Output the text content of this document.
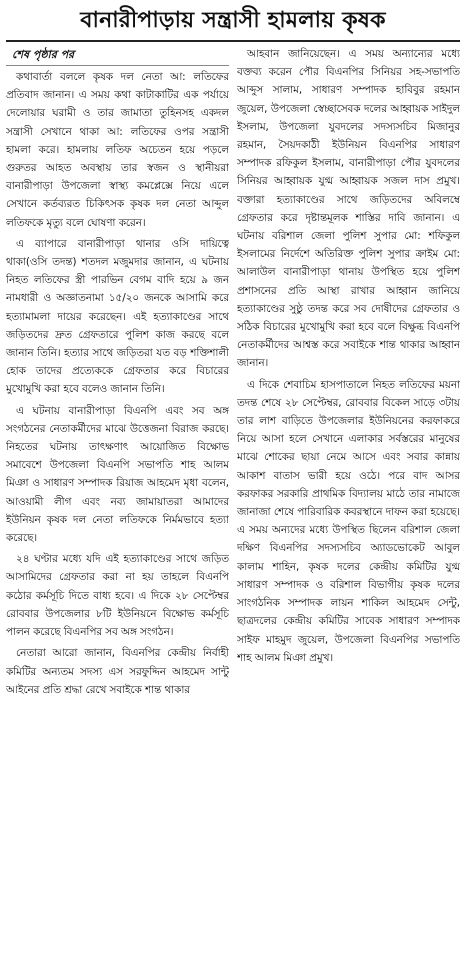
বানারীপাড়ায় সন্ত্রাসী হামলায় কৃষক
শেষ পৃষ্ঠার পর

কথাবার্তা বললে কৃষক দল নেতা আ: লতিফের প্রতিবাদ জানান। এ সময় কথা কাটাকাটির এক পর্যায়ে দেলোয়ার ঘরামী ও তার জামাতা তুহিনসহ একদল সন্ত্রাসী সেখানে থাকা আ: লতিফের ওপর সন্ত্রাসী হামলা করে। হামলায় লতিফ অচেতন হয়ে পড়লে গুরুতর আহত অবস্থায় তার স্বজন ও স্থানীয়রা বানারীপাড়া উপজেলা স্বাস্থ্য কমপ্লেক্সে নিয়ে এলে সেখানে কর্তব্যরত চিকিৎসক কৃষক দল নেতা আব্দুল লতিফকে মৃত্যু বলে ঘোষণা করেন।

এ ব্যাপারে বানারীপাড়া থানার ওসি দায়িত্বে থাকা(ওসি তদন্ত) শতদল মজুমদার জানান, এ ঘটনায় নিহত লতিফের স্ত্রী পারভিন বেগম বাদি হয়ে ৯ জন নামধারী ও অজ্ঞাতনামা ১৫/২০ জনকে আসামি করে হত্যামামলা দায়ের করেছেন। এই হত্যাকাণ্ডের সাথে জড়িতদের দ্রুত গ্রেফতারে পুলিশ কাজ করছে বলে জানান তিনি। হত্যার সাথে জড়িতরা যত বড় শক্তিশালী হোক তাদের প্রত্যেককে গ্রেফতার করে বিচারের মুখোমুখি করা হবে বলেও জানান তিনি।

এ ঘটনায় বানারীপাড়া বিএনপি এবং সব অঙ্গ সংগঠনের নেতাকর্মীদের মাঝে উত্তেজনা বিরাজ করছে। নিহতের ঘটনায় তাৎক্ষণাৎ আয়োজিত বিক্ষোভ সমাবেশে উপজেলা বিএনপি সভাপতি শাহ আলম মিঞা ও সাধারণ সম্পাদক রিয়াজ আহমেদ মৃধা বলেন, আওয়ামী লীগ এবং নব্য জামায়াতরা আমাদের ইউনিয়ন কৃষক দল নেতা লতিফকে নির্মমভাবে হত্যা করেছে।

২৪ ঘণ্টার মধ্যে যদি এই হত্যাকাণ্ডের সাথে জড়িত আসামিদের গ্রেফতার করা না হয় তাহলে বিএনপি কঠোর কর্মসূচি দিতে বাধ্য হবে। এ দিকে ২৮ সেপ্টেম্বর রোববার উপজেলার ৮টি ইউনিয়নে বিক্ষোভ কর্মসূচি পালন করেছে বিএনপির সব অঙ্গ সংগঠন।

নেতারা আরো জানান, বিএনপির কেন্দ্রীয় নির্বাহী কমিটির অন্যতম সদস্য এস সরফুদ্দিন আহমেদ সান্টু আইনের প্রতি শ্রদ্ধা রেখে সবাইকে শান্ত থাকার

আহবান জানিয়েছেন। এ সময় অন্যান্যের মধ্যে বক্তব্য করেন পৌর বিএনপির সিনিয়র সহ-সভাপতি আব্দুস সালাম, সাধারণ সম্পাদক হাবিবুর রহমান জুয়েল, উপজেলা স্বেচ্ছাসেবক দলের আহ্বায়ক সাইদুল ইসলাম, উপজেলা যুবদলের সদস্যসচিব মিজানুর রহমান, সৈয়দকাঠী ইউনিয়ন বিএনপির সাধারণ সম্পাদক রফিকুল ইসলাম, বানারীপাড়া পৌর যুবদলের সিনিয়র আহ্বায়ক যুগ্ম আহ্বায়ক সজল দাস প্রমুখ। বক্তারা হত্যাকাণ্ডের সাথে জড়িতদের অবিলম্বে গ্রেফতার করে দৃষ্টান্তমূলক শাস্তির দাবি জানান। এ ঘটনায় বরিশাল জেলা পুলিশ সুপার মো: শফিকুল ইসলামের নির্দেশে অতিরিক্ত পুলিশ সুপার ক্রাইম মো: আলাউল বানারীপাড়া থানায় উপস্থিত হয়ে পুলিশ প্রশাসনের প্রতি আস্থা রাখার আহ্বান জানিয়ে হত্যাকাণ্ডের সুষ্ঠু তদন্ত করে সব দোষীদের গ্রেফতার ও সঠিক বিচারের মুখোমুখি করা হবে বলে বিক্ষুব্ধ বিএনপি নেতাকর্মীদের আশ্বস্ত করে সবাইকে শান্ত থাকার আহ্বান জানান।

এ দিকে শেবাচিম হাসপাতালে নিহত লতিফের ময়না তদন্ত শেষে ২৮ সেপ্টেম্বর, রোববার বিকেল সাড়ে ৩টায় তার লাশ বাড়িতে উপজেলার ইউনিয়নের করফাকরে নিয়ে আসা হলে সেখানে এলাকার সর্বস্তরের মানুষের মাঝে শোকের ছায়া নেমে আসে এবং সবার কান্নায় আকাশ বাতাস ভারী হয়ে ওঠে। পরে বাদ আসর করফাকর সরকারি প্রাথমিক বিদ্যালয় মাঠে তার নামাজে জানাজা শেষে পারিবারিক কবরস্থানে দাফন করা হয়েছে। এ সময় অন্যদের মধ্যে উপস্থিত ছিলেন বরিশাল জেলা দক্ষিণ বিএনপির সদস্যসচিব অ্যাডভোকেট আবুল কালাম শাহিন, কৃষক দলের কেন্দ্রীয় কমিটির যুগ্ম সাধারণ সম্পাদক ও বরিশাল বিভাগীয় কৃষক দলের সাংগঠনিক সম্পাদক লায়ন শাকিল আহমেদ সেন্টু, ছাত্রদলের কেন্দ্রীয় কমিটির সাবেক সাধারণ সম্পাদক সাইফ মাহমুদ জুয়েল, উপজেলা বিএনপির সভাপতি শাহ আলম মিঞা প্রমুখ।
